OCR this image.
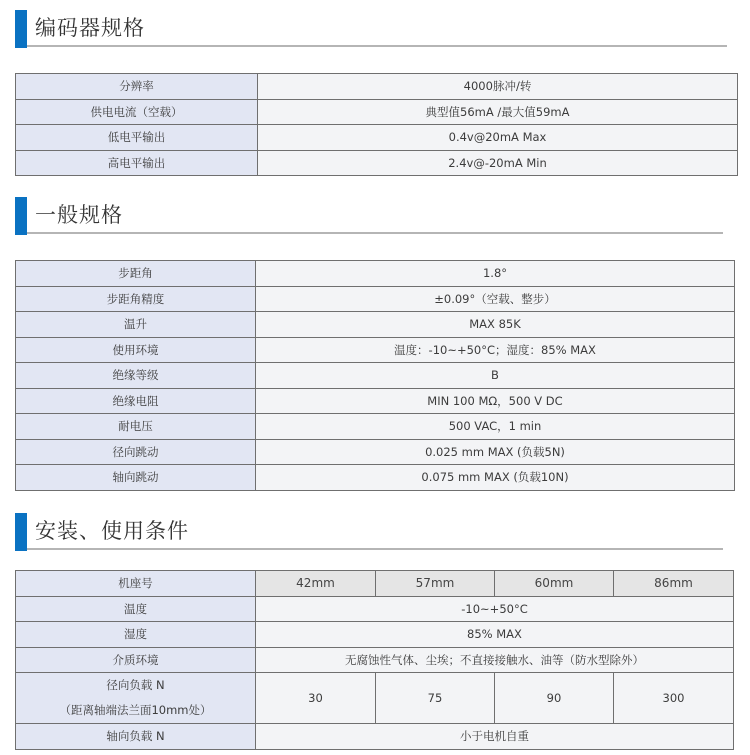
编码器规格
分辨率	4000脉冲/转
供电电流（空载）	典型值56mA /最大值59mA
低电平输出	0.4v@20mA Max
高电平输出	2.4v@-20mA Min
一般规格
步距角	1.8°
步距角精度	±0.09°（空载、整步）
温升	MAX 85K
使用环境	温度：-10~+50°C；湿度：85% MAX
绝缘等级	B
绝缘电阻	MIN 100 MΩ，500 V DC
耐电压	500 VAC，1 min
径向跳动	0.025 mm MAX (负载5N)
轴向跳动	0.075 mm MAX (负载10N)
安装、使用条件
机座号	42mm	57mm	60mm	86mm
温度	-10~+50°C			
湿度	85% MAX			
介质环境	无腐蚀性气体、尘埃；不直接接触水、油等（防水型除外）			

径向负载 N
（距离轴端法兰面10mm处）	30	75	90	300
轴向负载 N	小于电机自重			
